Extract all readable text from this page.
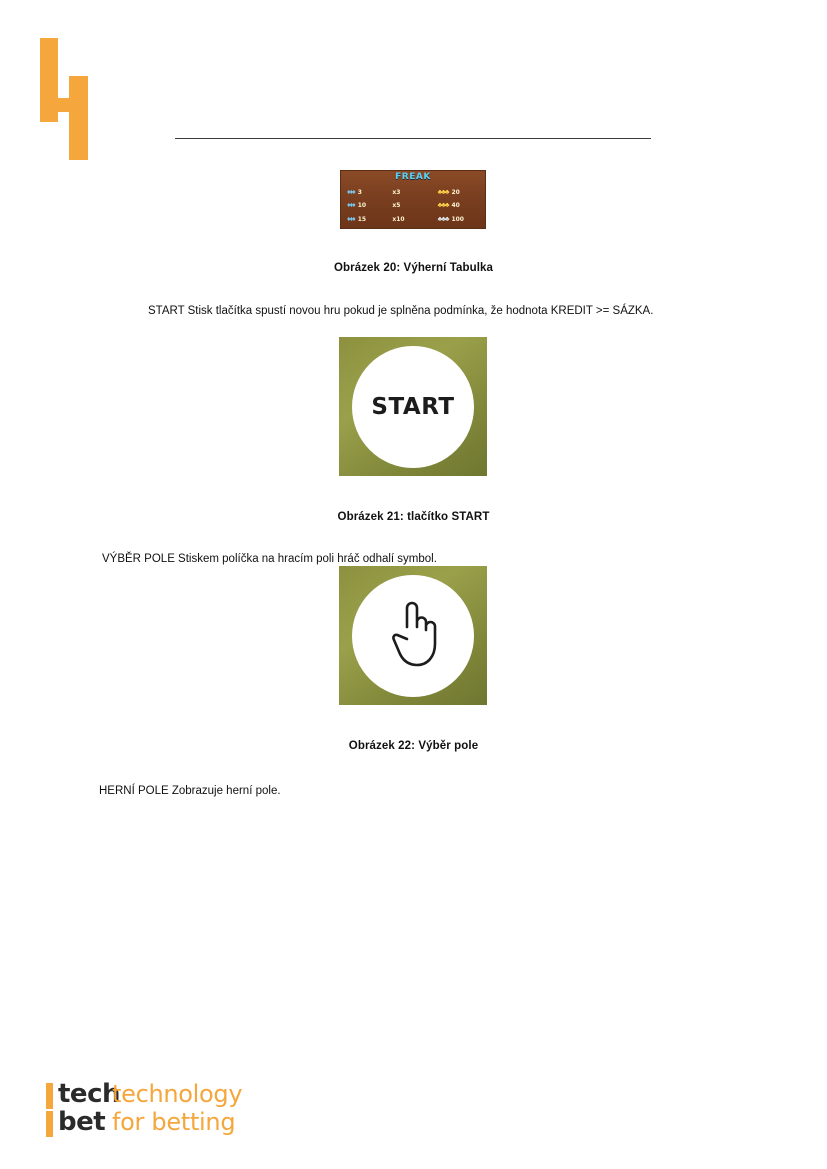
FREAK
♦♦♦ 3	x3	♣♣♣ 20
♦♦♦ 10	x5	♣♣♣ 40
♦♦♦ 15	x10	♣♣♣ 100
Obrázek 20: Výherní Tabulka
START Stisk tlačítka spustí novou hru pokud je splněna podmínka, že hodnota KREDIT >= SÁZKA.
START
Obrázek 21: tlačítko START
VÝBĚR POLE Stiskem políčka na hracím poli hráč odhalí symbol.
Obrázek 22: Výběr pole
HERNÍ POLE Zobrazuje herní pole.
tech
bet
technology
for betting
